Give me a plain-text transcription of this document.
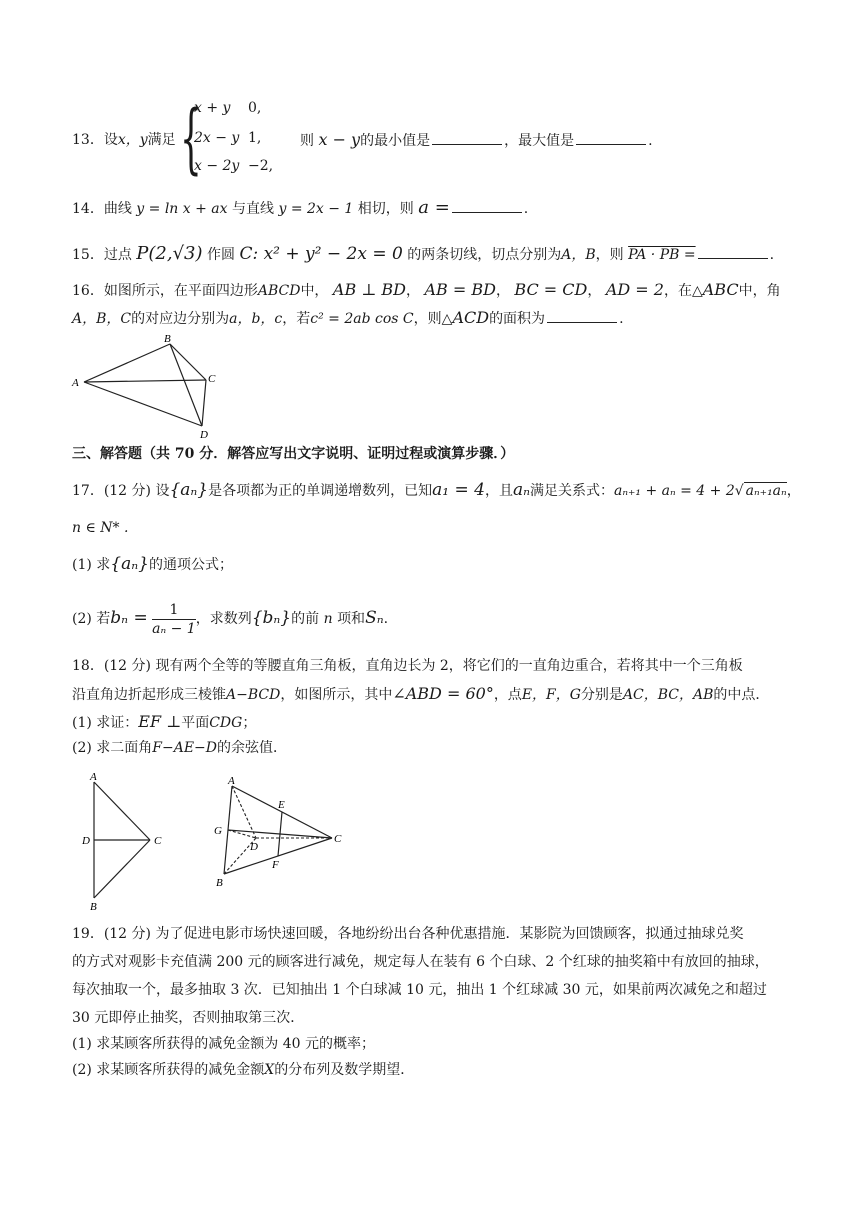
13．设x，y满足 {
x + y 0,
2x − y 1,
x − 2y −2,
则 x − y的最小值是	，最大值是	.
14．曲线 y = ln x + ax 与直线 y = 2x − 1 相切，则 a =	.
15．过点 P(2,√3) 作圆 C: x² + y² − 2x = 0 的两条切线，切点分别为A，B，则 PA · PB =	.
16．如图所示，在平面四边形ABCD中， AB ⊥ BD， AB = BD， BC = CD， AD = 2，在△ABC中，角
A，B，C的对应边分别为a，b，c，若c² = 2ab cos C，则△ACD的面积为	.
A
B
C
D
三、解答题（共 70 分．解答应写出文字说明、证明过程或演算步骤．）
17．(12 分) 设{aₙ}是各项都为正的单调递增数列，已知a₁ = 4，且aₙ满足关系式：aₙ₊₁ + aₙ = 4 + 2√ aₙ₊₁aₙ，
n ∈ N* .
(1) 求{aₙ}的通项公式；
(2) 若$b_n = \frac{1}{\text{aₙ − 1}}$ ，求数列{bₙ}的前 n 项和Sₙ.
18．(12 分) 现有两个全等的等腰直角三角板，直角边长为 2，将它们的一直角边重合，若将其中一个三角板
沿直角边折起形成三棱锥A−BCD，如图所示，其中∠ABD = 60°，点E，F，G分别是AC，BC，AB的中点．
(1) 求证：EF ⊥平面CDG；
(2) 求二面角F−AE−D的余弦值．
A
D	C
B
A
E
G
D
C
F
B
19．(12 分) 为了促进电影市场快速回暖，各地纷纷出台各种优惠措施．某影院为回馈顾客，拟通过抽球兑奖
的方式对观影卡充值满 200 元的顾客进行减免，规定每人在装有 6 个白球、2 个红球的抽奖箱中有放回的抽球，
每次抽取一个，最多抽取 3 次．已知抽出 1 个白球减 10 元，抽出 1 个红球减 30 元，如果前两次减免之和超过
30 元即停止抽奖，否则抽取第三次．
(1) 求某顾客所获得的减免金额为 40 元的概率；
(2) 求某顾客所获得的减免金额X的分布列及数学期望．
